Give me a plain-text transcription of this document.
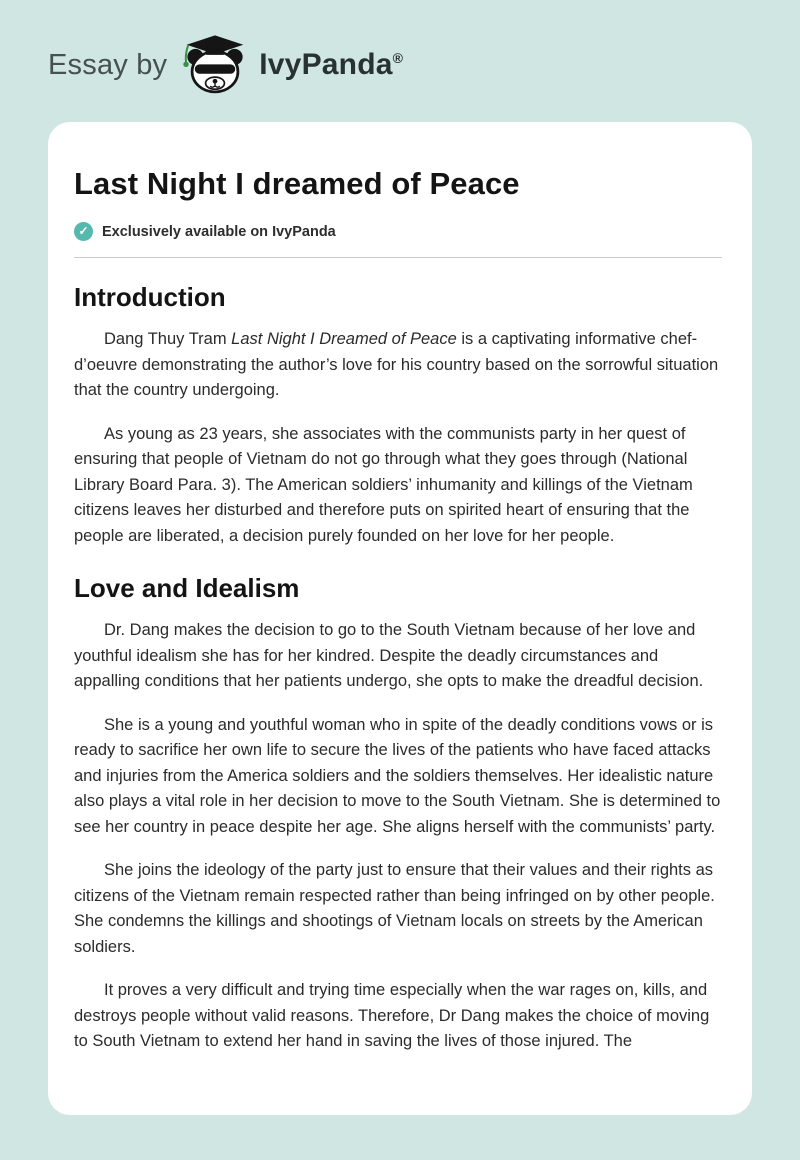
Essay by	IvyPanda®
Last Night I dreamed of Peace
✓ Exclusively available on IvyPanda
Introduction

Dang Thuy Tram Last Night I Dreamed of Peace is a captivating informative chef-d’oeuvre demonstrating the author’s love for his country based on the sorrowful situation that the country undergoing.

As young as 23 years, she associates with the communists party in her quest of ensuring that people of Vietnam do not go through what they goes through (National Library Board Para. 3). The American soldiers’ inhumanity and killings of the Vietnam citizens leaves her disturbed and therefore puts on spirited heart of ensuring that the people are liberated, a decision purely founded on her love for her people.

Love and Idealism

Dr. Dang makes the decision to go to the South Vietnam because of her love and youthful idealism she has for her kindred. Despite the deadly circumstances and appalling conditions that her patients undergo, she opts to make the dreadful decision.

She is a young and youthful woman who in spite of the deadly conditions vows or is ready to sacrifice her own life to secure the lives of the patients who have faced attacks and injuries from the America soldiers and the soldiers themselves. Her idealistic nature also plays a vital role in her decision to move to the South Vietnam. She is determined to see her country in peace despite her age. She aligns herself with the communists’ party.

She joins the ideology of the party just to ensure that their values and their rights as citizens of the Vietnam remain respected rather than being infringed on by other people. She condemns the killings and shootings of Vietnam locals on streets by the American soldiers.

It proves a very difficult and trying time especially when the war rages on, kills, and destroys people without valid reasons. Therefore, Dr Dang makes the choice of moving to South Vietnam to extend her hand in saving the lives of those injured. The
